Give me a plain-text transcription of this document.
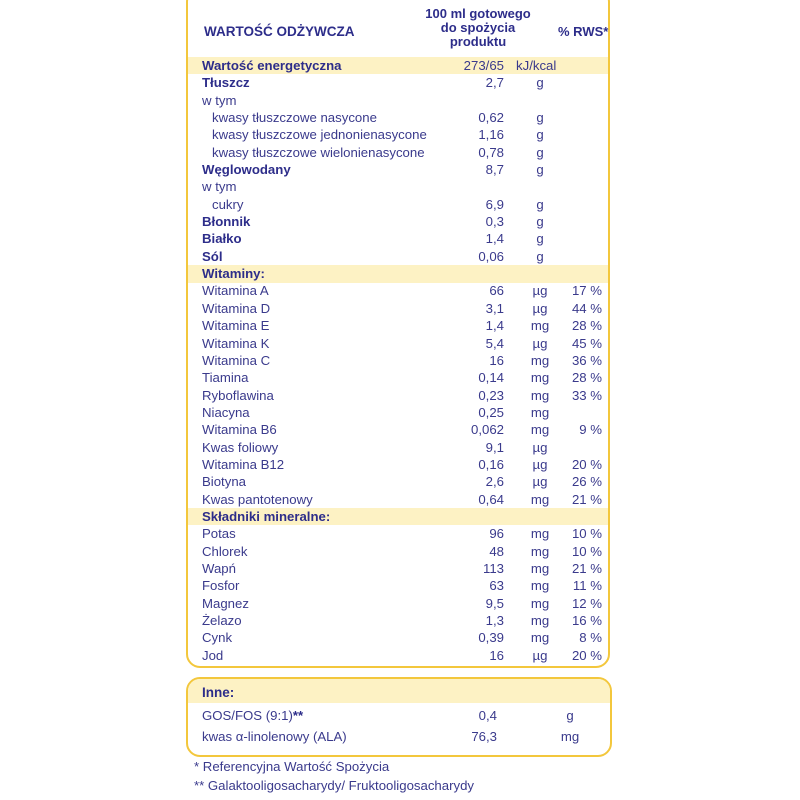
WARTOŚĆ ODŻYWCZA
100 ml gotowego
do spożycia
produktu
% RWS*
Wartość energetyczna	273/65 kJ/kcal
Tłuszcz	2,7 g
w tym
kwasy tłuszczowe nasycone	0,62 g
kwasy tłuszczowe jednonienasycone	1,16 g
kwasy tłuszczowe wielonienasycone	0,78 g
Węglowodany	8,7 g
w tym
cukry	6,9 g
Błonnik	0,3 g
Białko	1,4 g
Sól	0,06 g
Witaminy:
Witamina A	66 µg 17 %
Witamina D	3,1 µg 44 %
Witamina E	1,4 mg 28 %
Witamina K	5,4 µg 45 %
Witamina C	16 mg 36 %
Tiamina	0,14 mg 28 %
Ryboflawina	0,23 mg 33 %
Niacyna	0,25 mg
Witamina B6	0,062 mg 9 %
Kwas foliowy	9,1 µg
Witamina B12	0,16 µg 20 %
Biotyna	2,6 µg 26 %
Kwas pantotenowy	0,64 mg 21 %
Składniki mineralne:
Potas	96 mg 10 %
Chlorek	48 mg 10 %
Wapń	113 mg 21 %
Fosfor	63 mg 11 %
Magnez	9,5 mg 12 %
Żelazo	1,3 mg 16 %
Cynk	0,39 mg 8 %
Jod	16 µg 20 %
Inne:
GOS/FOS (9:1)**	0,4	g
kwas α-linolenowy (ALA)	76,3	mg
* Referencyjna Wartość Spożycia
** Galaktooligosacharydy/ Fruktooligosacharydy
